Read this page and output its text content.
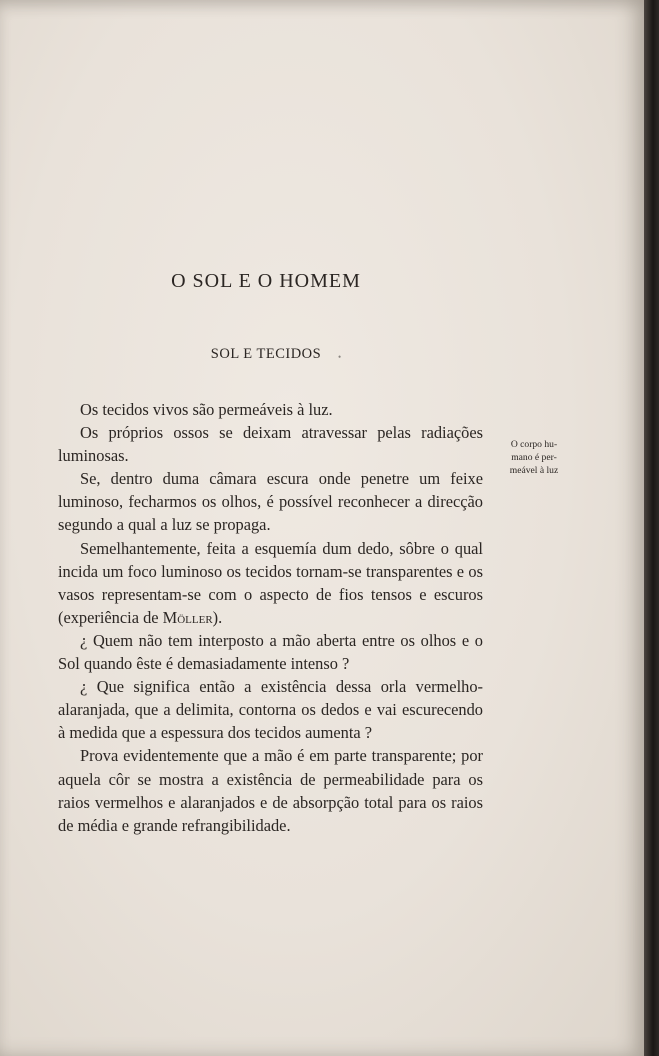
O SOL E O HOMEM
SOL E TECIDOS	•

Os tecidos vivos são permeáveis à luz.

Os próprios ossos se deixam atravessar pelas radiações luminosas.

Se, dentro duma câmara escura onde penetre um feixe luminoso, fecharmos os olhos, é possível reconhecer a direcção segundo a qual a luz se propaga.

Semelhantemente, feita a esquemía dum dedo, sôbre o qual incida um foco luminoso os tecidos tornam-se transparentes e os vasos representam-se com o aspecto de fios tensos e escuros (experiência de Möller).

¿ Quem não tem interposto a mão aberta entre os olhos e o Sol quando êste é demasiadamente intenso ?

¿ Que significa então a existência dessa orla vermelho-alaranjada, que a delimita, contorna os dedos e vai escurecendo à medida que a espessura dos tecidos aumenta ?

Prova evidentemente que a mão é em parte transparente; por aquela côr se mostra a existência de permeabilidade para os raios vermelhos e alaranjados e de absorpção total para os raios de média e grande refrangibilidade.

O corpo hu-
mano é per-
meável à luz
